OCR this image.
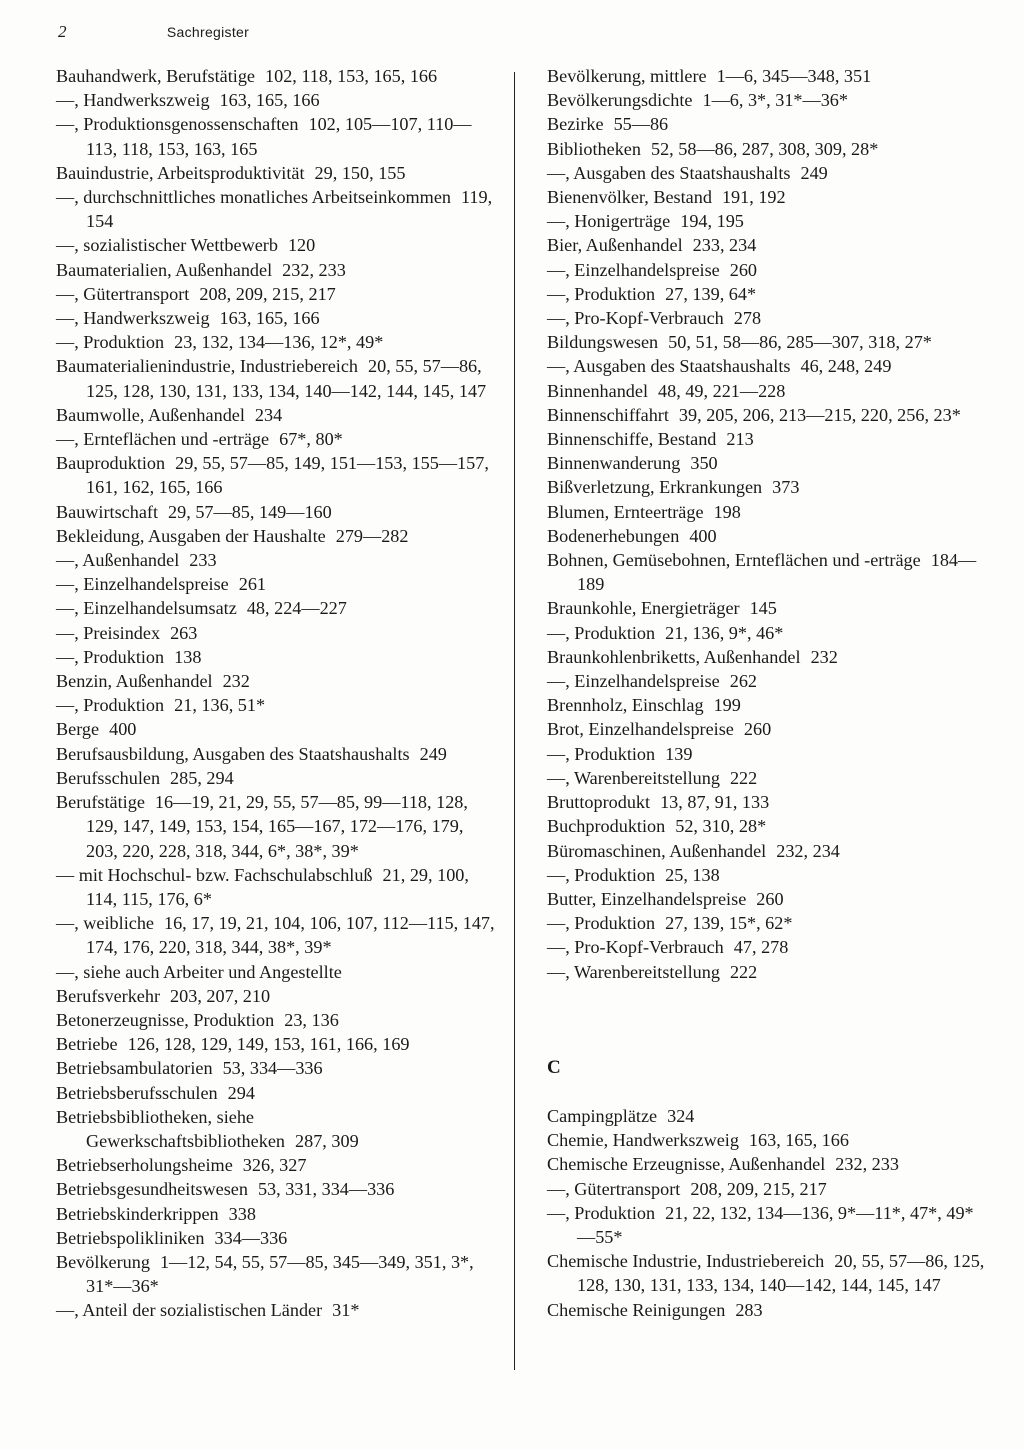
2	Sachregister
Bauhandwerk, Berufstätige 102, 118, 153, 165, 166
—, Handwerkszweig 163, 165, 166
—, Produktionsgenossenschaften 102, 105—107, 110—113, 118, 153, 163, 165
Bauindustrie, Arbeitsproduktivität 29, 150, 155
—, durchschnittliches monatliches Arbeitseinkommen 119, 154
—, sozialistischer Wettbewerb 120
Baumaterialien, Außenhandel 232, 233
—, Gütertransport 208, 209, 215, 217
—, Handwerkszweig 163, 165, 166
—, Produktion 23, 132, 134—136, 12*, 49*
Baumaterialienindustrie, Industriebereich 20, 55, 57—86, 125, 128, 130, 131, 133, 134, 140—142, 144, 145, 147
Baumwolle, Außenhandel 234
—, Ernteflächen und -erträge 67*, 80*
Bauproduktion 29, 55, 57—85, 149, 151—153, 155—157, 161, 162, 165, 166
Bauwirtschaft 29, 57—85, 149—160
Bekleidung, Ausgaben der Haushalte 279—282
—, Außenhandel 233
—, Einzelhandelspreise 261
—, Einzelhandelsumsatz 48, 224—227
—, Preisindex 263
—, Produktion 138
Benzin, Außenhandel 232
—, Produktion 21, 136, 51*
Berge 400
Berufsausbildung, Ausgaben des Staatshaushalts 249
Berufsschulen 285, 294
Berufstätige 16—19, 21, 29, 55, 57—85, 99—118, 128, 129, 147, 149, 153, 154, 165—167, 172—176, 179, 203, 220, 228, 318, 344, 6*, 38*, 39*
— mit Hochschul- bzw. Fachschulabschluß 21, 29, 100, 114, 115, 176, 6*
—, weibliche 16, 17, 19, 21, 104, 106, 107, 112—115, 147, 174, 176, 220, 318, 344, 38*, 39*
—, siehe auch Arbeiter und Angestellte
Berufsverkehr 203, 207, 210
Betonerzeugnisse, Produktion 23, 136
Betriebe 126, 128, 129, 149, 153, 161, 166, 169
Betriebsambulatorien 53, 334—336
Betriebsberufsschulen 294
Betriebsbibliotheken, siehe Gewerkschaftsbibliotheken 287, 309
Betriebserholungsheime 326, 327
Betriebsgesundheitswesen 53, 331, 334—336
Betriebskinderkrippen 338
Betriebspolikliniken 334—336
Bevölkerung 1—12, 54, 55, 57—85, 345—349, 351, 3*, 31*—36*
—, Anteil der sozialistischen Länder 31*
Bevölkerung, mittlere 1—6, 345—348, 351
Bevölkerungsdichte 1—6, 3*, 31*—36*
Bezirke 55—86
Bibliotheken 52, 58—86, 287, 308, 309, 28*
—, Ausgaben des Staatshaushalts 249
Bienenvölker, Bestand 191, 192
—, Honigerträge 194, 195
Bier, Außenhandel 233, 234
—, Einzelhandelspreise 260
—, Produktion 27, 139, 64*
—, Pro-Kopf-Verbrauch 278
Bildungswesen 50, 51, 58—86, 285—307, 318, 27*
—, Ausgaben des Staatshaushalts 46, 248, 249
Binnenhandel 48, 49, 221—228
Binnenschiffahrt 39, 205, 206, 213—215, 220, 256, 23*
Binnenschiffe, Bestand 213
Binnenwanderung 350
Bißverletzung, Erkrankungen 373
Blumen, Ernteerträge 198
Bodenerhebungen 400
Bohnen, Gemüsebohnen, Ernteflächen und -erträge 184—189
Braunkohle, Energieträger 145
—, Produktion 21, 136, 9*, 46*
Braunkohlenbriketts, Außenhandel 232
—, Einzelhandelspreise 262
Brennholz, Einschlag 199
Brot, Einzelhandelspreise 260
—, Produktion 139
—, Warenbereitstellung 222
Bruttoprodukt 13, 87, 91, 133
Buchproduktion 52, 310, 28*
Büromaschinen, Außenhandel 232, 234
—, Produktion 25, 138
Butter, Einzelhandelspreise 260
—, Produktion 27, 139, 15*, 62*
—, Pro-Kopf-Verbrauch 47, 278
—, Warenbereitstellung 222
C
Campingplätze 324
Chemie, Handwerkszweig 163, 165, 166
Chemische Erzeugnisse, Außenhandel 232, 233
—, Gütertransport 208, 209, 215, 217
—, Produktion 21, 22, 132, 134—136, 9*—11*, 47*, 49*—55*
Chemische Industrie, Industriebereich 20, 55, 57—86, 125, 128, 130, 131, 133, 134, 140—142, 144, 145, 147
Chemische Reinigungen 283
